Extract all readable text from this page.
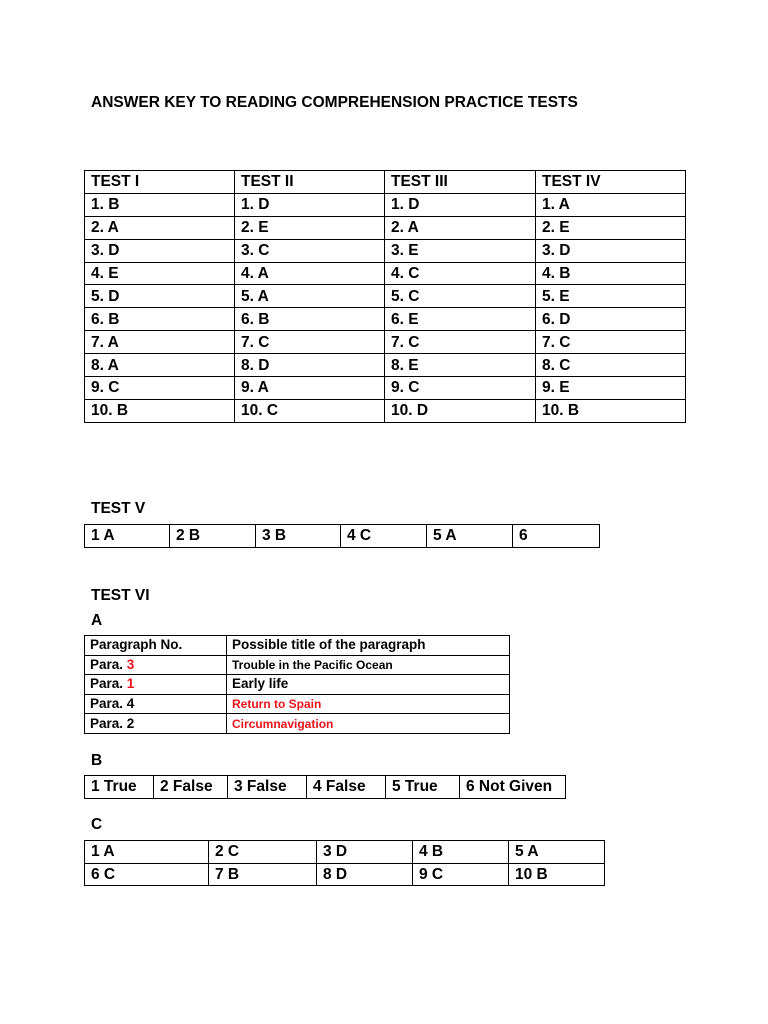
ANSWER KEY TO READING COMPREHENSION PRACTICE TESTS
TEST I	TEST II	TEST III	TEST IV
1. B	1. D	1. D	1. A
2. A	2. E	2. A	2. E
3. D	3. C	3. E	3. D
4. E	4. A	4. C	4. B
5. D	5. A	5. C	5. E
6. B	6. B	6. E	6. D
7. A	7. C	7. C	7. C
8. A	8. D	8. E	8. C
9. C	9. A	9. C	9. E
10. B	10. C	10. D	10. B
TEST V
1 A	2 B	3 B	4 C	5 A	6
TEST VI
A
Paragraph No.	Possible title of the paragraph
Para. 3	Trouble in the Pacific Ocean
Para. 1	Early life
Para. 4	Return to Spain
Para. 2	Circumnavigation
B
1 True	2 False	3 False	4 False	5 True	6 Not Given
C
1 A	2 C	3 D	4 B	5 A
6 C	7 B	8 D	9 C	10 B
